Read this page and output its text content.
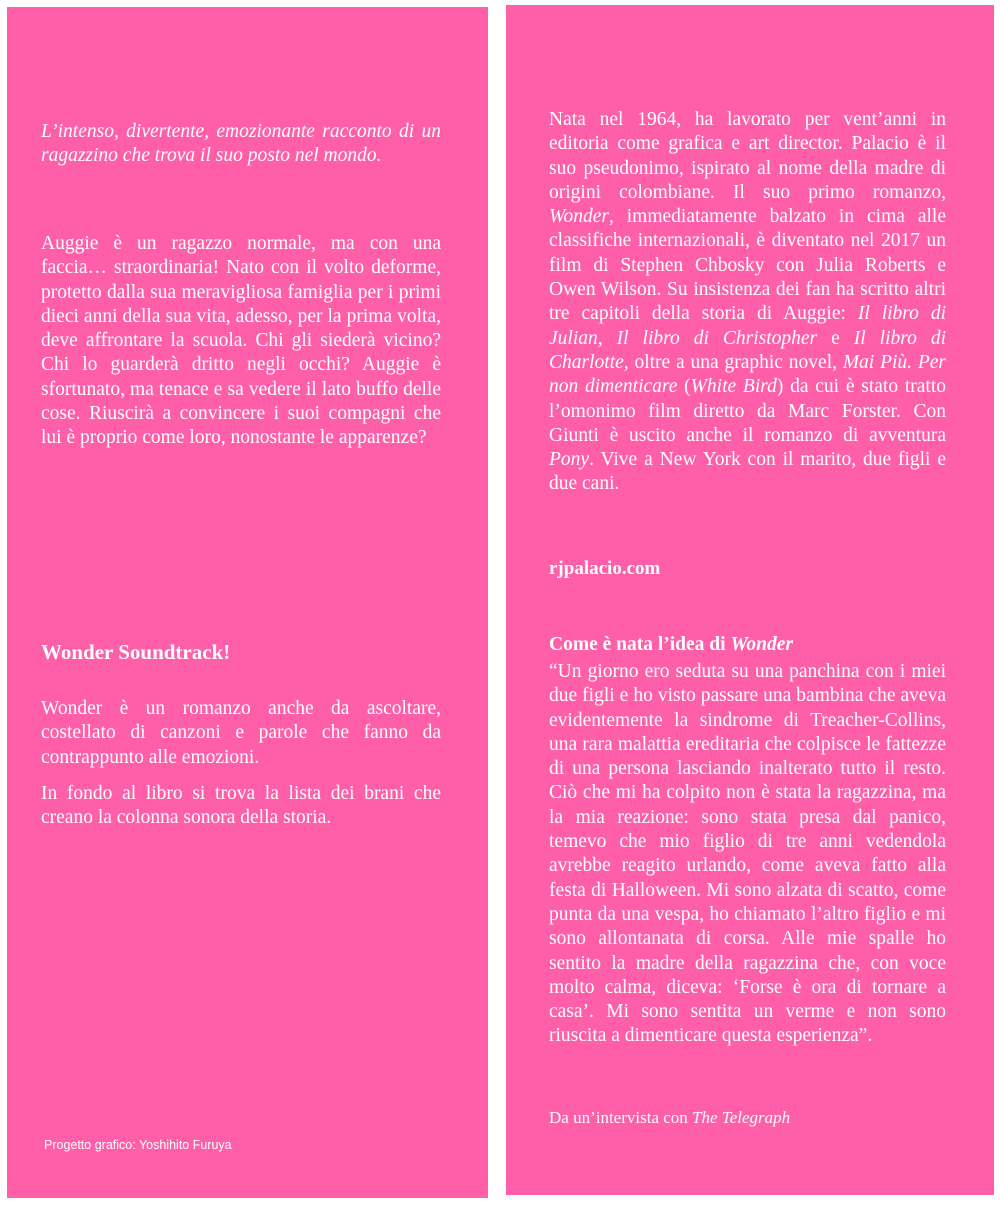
L’intenso, divertente, emozionante racconto di un ragazzino che trova il suo posto nel mondo.

Auggie è un ragazzo normale, ma con una faccia… straordinaria! Nato con il volto deforme, protetto dalla sua meravigliosa famiglia per i primi dieci anni della sua vita, adesso, per la prima volta, deve affrontare la scuola. Chi gli siederà vicino? Chi lo guarderà dritto negli occhi? Auggie è sfortunato, ma tenace e sa vedere il lato buffo delle cose. Riuscirà a convincere i suoi compagni che lui è proprio come loro, nonostante le apparenze?

Wonder Soundtrack!

Wonder è un romanzo anche da ascoltare, costellato di canzoni e parole che fanno da contrappunto alle emozioni.

In fondo al libro si trova la lista dei brani che creano la colonna sonora della storia.

Progetto grafico: Yoshihito Furuya

Nata nel 1964, ha lavorato per vent’anni in editoria come grafica e art director. Palacio è il suo pseudonimo, ispirato al nome della madre di origini colombiane. Il suo primo romanzo, Wonder, immediatamente balzato in cima alle classifiche internazionali, è diventato nel 2017 un film di Stephen Chbosky con Julia Roberts e Owen Wilson. Su insistenza dei fan ha scritto altri tre capitoli della storia di Auggie: Il libro di Julian, Il libro di Christopher e Il libro di Charlotte, oltre a una graphic novel, Mai Più. Per non dimenticare (White Bird) da cui è stato tratto l’omonimo film diretto da Marc Forster. Con Giunti è uscito anche il romanzo di avventura Pony. Vive a New York con il marito, due figli e due cani.

rjpalacio.com

Come è nata l’idea di Wonder

“Un giorno ero seduta su una panchina con i miei due figli e ho visto passare una bambina che aveva evidentemente la sindrome di Treacher-Collins, una rara malattia ereditaria che colpisce le fattezze di una persona lasciando inalterato tutto il resto. Ciò che mi ha colpito non è stata la ragazzina, ma la mia reazione: sono stata presa dal panico, temevo che mio figlio di tre anni vedendola avrebbe reagito urlando, come aveva fatto alla festa di Halloween. Mi sono alzata di scatto, come punta da una vespa, ho chiamato l’altro figlio e mi sono allontanata di corsa. Alle mie spalle ho sentito la madre della ragazzina che, con voce molto calma, diceva: ‘Forse è ora di tornare a casa’. Mi sono sentita un verme e non sono riuscita a dimenticare questa esperienza”.

Da un’intervista con The Telegraph
